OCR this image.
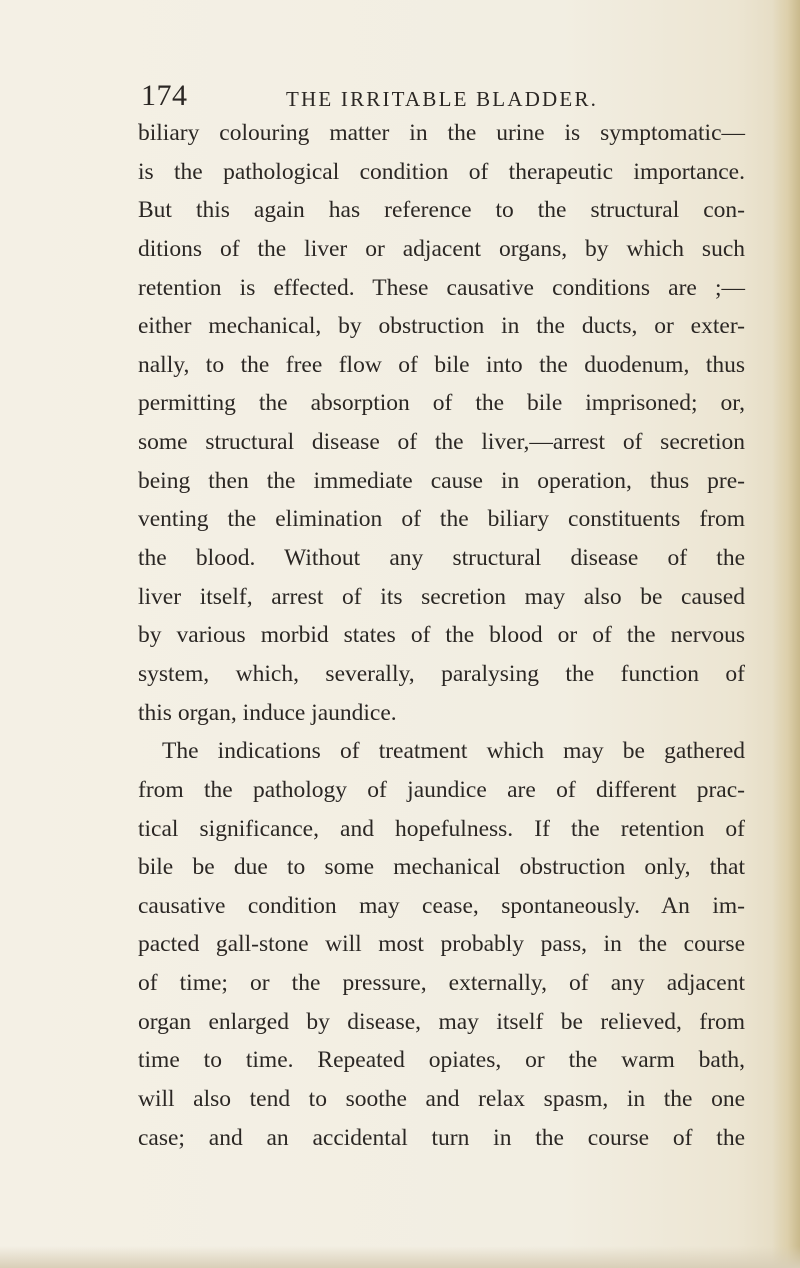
174	THE IRRITABLE BLADDER.
biliary colouring matter in the urine is symptomatic—
is the pathological condition of therapeutic importance.
But this again has reference to the structural con-
ditions of the liver or adjacent organs, by which such
retention is effected. These causative conditions are ;—
either mechanical, by obstruction in the ducts, or exter-
nally, to the free flow of bile into the duodenum, thus
permitting the absorption of the bile imprisoned; or,
some structural disease of the liver,—arrest of secretion
being then the immediate cause in operation, thus pre-
venting the elimination of the biliary constituents from
the blood. Without any structural disease of the
liver itself, arrest of its secretion may also be caused
by various morbid states of the blood or of the nervous
system, which, severally, paralysing the function of
this organ, induce jaundice.
The indications of treatment which may be gathered
from the pathology of jaundice are of different prac-
tical significance, and hopefulness. If the retention of
bile be due to some mechanical obstruction only, that
causative condition may cease, spontaneously. An im-
pacted gall-stone will most probably pass, in the course
of time; or the pressure, externally, of any adjacent
organ enlarged by disease, may itself be relieved, from
time to time. Repeated opiates, or the warm bath,
will also tend to soothe and relax spasm, in the one
case; and an accidental turn in the course of the
